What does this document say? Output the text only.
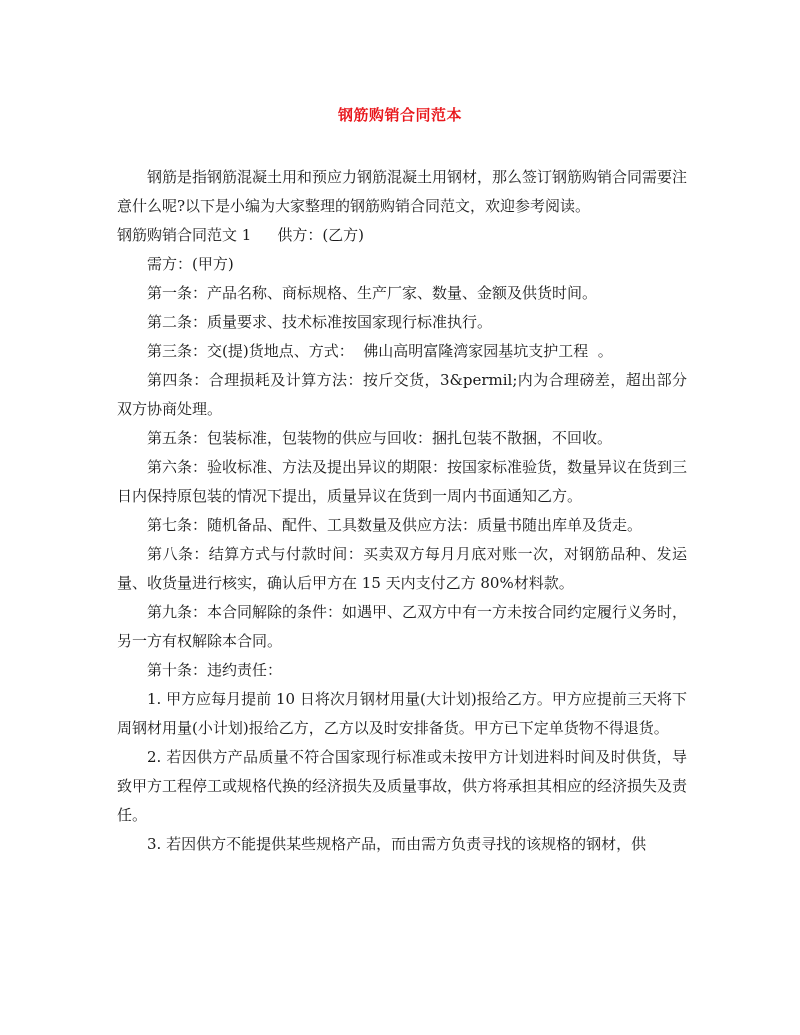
钢筋购销合同范本

钢筋是指钢筋混凝土用和预应力钢筋混凝土用钢材，那么签订钢筋购销合同需要注意什么呢?以下是小编为大家整理的钢筋购销合同范文，欢迎参考阅读。

钢筋购销合同范文 1 供方：(乙方)

需方：(甲方)

第一条：产品名称、商标规格、生产厂家、数量、金额及供货时间。

第二条：质量要求、技术标准按国家现行标准执行。

第三条：交(提)货地点、方式：  佛山高明富隆湾家园基坑支护工程  。

第四条：合理损耗及计算方法：按斤交货，3&permil;内为合理磅差，超出部分双方协商处理。

第五条：包装标准，包装物的供应与回收：捆扎包装不散捆，不回收。

第六条：验收标准、方法及提出异议的期限：按国家标准验货，数量异议在货到三日内保持原包装的情况下提出，质量异议在货到一周内书面通知乙方。

第七条：随机备品、配件、工具数量及供应方法：质量书随出库单及货走。

第八条：结算方式与付款时间：买卖双方每月月底对账一次，对钢筋品种、发运量、收货量进行核实，确认后甲方在 15 天内支付乙方 80%材料款。

第九条：本合同解除的条件：如遇甲、乙双方中有一方未按合同约定履行义务时，另一方有权解除本合同。

第十条：违约责任：

1. 甲方应每月提前 10 日将次月钢材用量(大计划)报给乙方。甲方应提前三天将下周钢材用量(小计划)报给乙方，乙方以及时安排备货。甲方已下定单货物不得退货。

2. 若因供方产品质量不符合国家现行标准或未按甲方计划进料时间及时供货，导致甲方工程停工或规格代换的经济损失及质量事故，供方将承担其相应的经济损失及责任。

3. 若因供方不能提供某些规格产品，而由需方负责寻找的该规格的钢材，供
